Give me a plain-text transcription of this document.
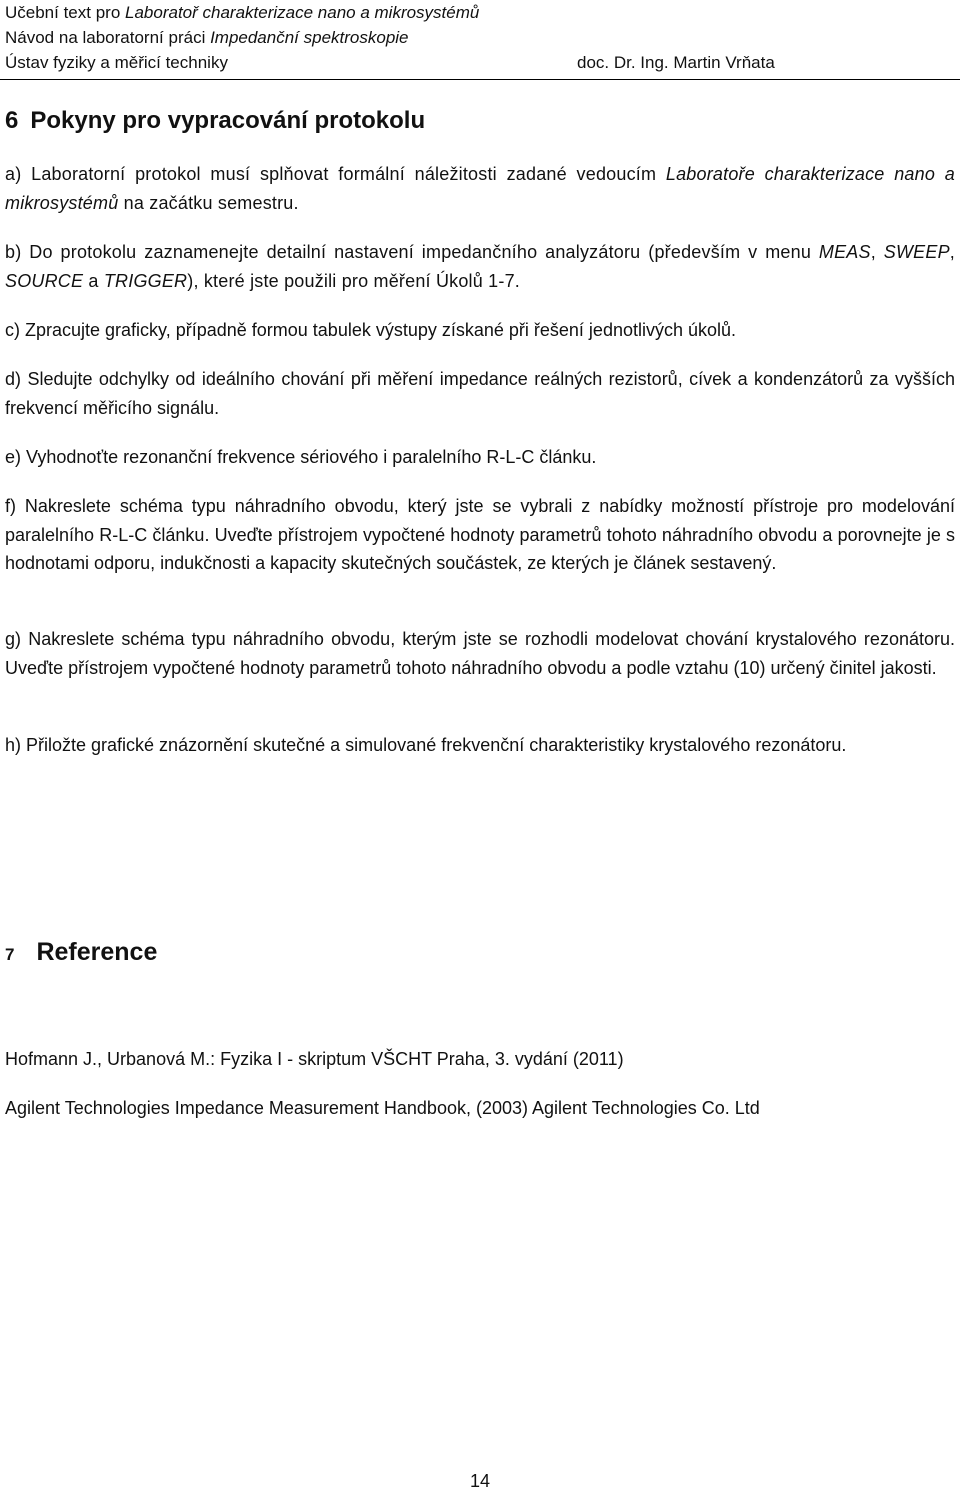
Učební text pro Laboratoř charakterizace nano a mikrosystémů
Návod na laboratorní práci Impedanční spektroskopie
Ústav fyziky a měřicí techniky	doc. Dr. Ing. Martin Vrňata
6 Pokyny pro vypracování protokolu

a) Laboratorní protokol musí splňovat formální náležitosti zadané vedoucím Laboratoře charakterizace nano a mikrosystémů na začátku semestru.

b) Do protokolu zaznamenejte detailní nastavení impedančního analyzátoru (především v menu MEAS, SWEEP, SOURCE a TRIGGER), které jste použili pro měření Úkolů 1-7.

c) Zpracujte graficky, případně formou tabulek výstupy získané při řešení jednotlivých úkolů.

d) Sledujte odchylky od ideálního chování při měření impedance reálných rezistorů, cívek a kondenzátorů za vyšších frekvencí měřicího signálu.

e) Vyhodnoťte rezonanční frekvence sériového i paralelního R-L-C článku.

f) Nakreslete schéma typu náhradního obvodu, který jste se vybrali z nabídky možností přístroje pro modelování paralelního R-L-C článku. Uveďte přístrojem vypočtené hodnoty parametrů tohoto náhradního obvodu a porovnejte je s hodnotami odporu, indukčnosti a kapacity skutečných součástek, ze kterých je článek sestavený.

g) Nakreslete schéma typu náhradního obvodu, kterým jste se rozhodli modelovat chování krystalového rezonátoru. Uveďte přístrojem vypočtené hodnoty parametrů tohoto náhradního obvodu a podle vztahu (10) určený činitel jakosti.

h) Přiložte grafické znázornění skutečné a simulované frekvenční charakteristiky krystalového rezonátoru.

7 Reference

Hofmann J., Urbanová M.: Fyzika I - skriptum VŠCHT Praha, 3. vydání (2011)

Agilent Technologies Impedance Measurement Handbook, (2003) Agilent Technologies Co. Ltd

14
